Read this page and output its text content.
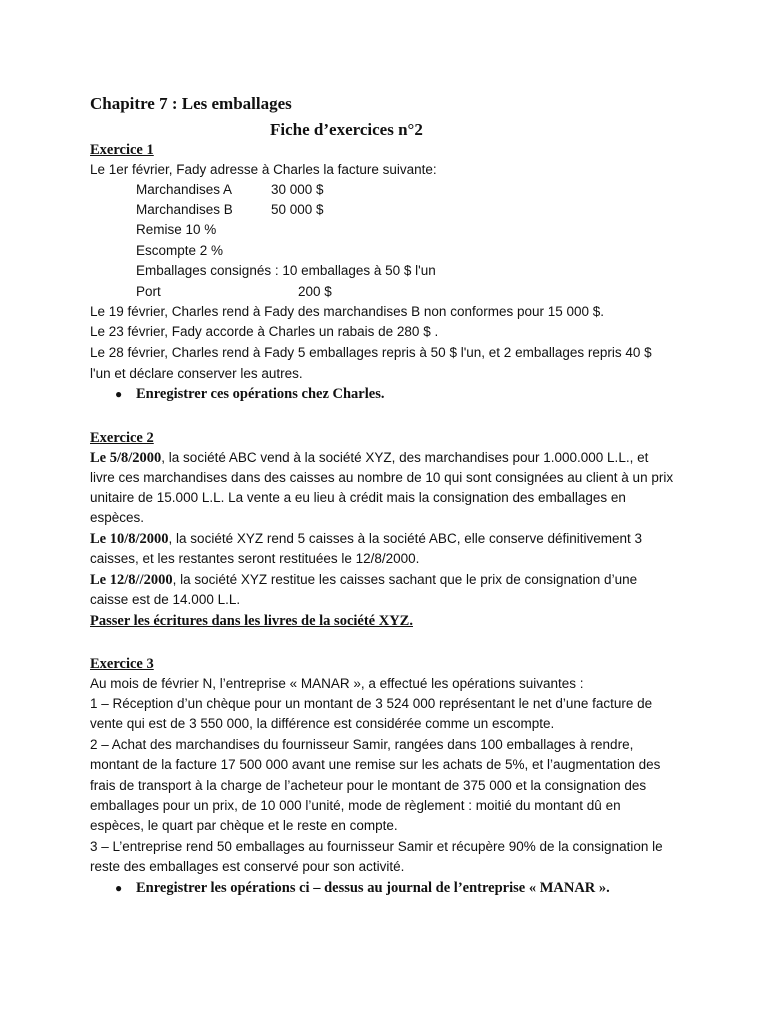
Chapitre 7 : Les emballages
Fiche d’exercices n°2
Exercice 1
Le 1er février, Fady adresse à Charles la facture suivante:
Marchandises A	30 000 $
Marchandises B	50 000 $
Remise 10 %
Escompte 2 %
Emballages consignés : 10 emballages à 50 $ l'un
Port	200 $
Le 19 février, Charles rend à Fady des marchandises B non conformes pour 15 000 $.
Le 23 février, Fady accorde à Charles un rabais de 280 $ .
Le 28 février, Charles rend à Fady 5 emballages repris à 50 $ l'un, et 2 emballages repris 40 $
l'un et déclare conserver les autres.
● Enregistrer ces opérations chez Charles.
Exercice 2
Le 5/8/2000, la société ABC vend à la société XYZ, des marchandises pour 1.000.000 L.L., et
livre ces marchandises dans des caisses au nombre de 10 qui sont consignées au client à un prix
unitaire de 15.000 L.L. La vente a eu lieu à crédit mais la consignation des emballages en
espèces.
Le 10/8/2000, la société XYZ rend 5 caisses à la société ABC, elle conserve définitivement 3
caisses, et les restantes seront restituées le 12/8/2000.
Le 12/8//2000, la société XYZ restitue les caisses sachant que le prix de consignation d’une
caisse est de 14.000 L.L.
Passer les écritures dans les livres de la société XYZ.
Exercice 3
Au mois de février N, l’entreprise « MANAR », a effectué les opérations suivantes :
1 – Réception d’un chèque pour un montant de 3 524 000 représentant le net d’une facture de
vente qui est de 3 550 000, la différence est considérée comme un escompte.
2 – Achat des marchandises du fournisseur Samir, rangées dans 100 emballages à rendre,
montant de la facture 17 500 000 avant une remise sur les achats de 5%, et l’augmentation des
frais de transport à la charge de l’acheteur pour le montant de 375 000 et la consignation des
emballages pour un prix, de 10 000 l’unité, mode de règlement : moitié du montant dû en
espèces, le quart par chèque et le reste en compte.
3 – L’entreprise rend 50 emballages au fournisseur Samir et récupère 90% de la consignation le
reste des emballages est conservé pour son activité.
● Enregistrer les opérations ci – dessus au journal de l’entreprise « MANAR ».
